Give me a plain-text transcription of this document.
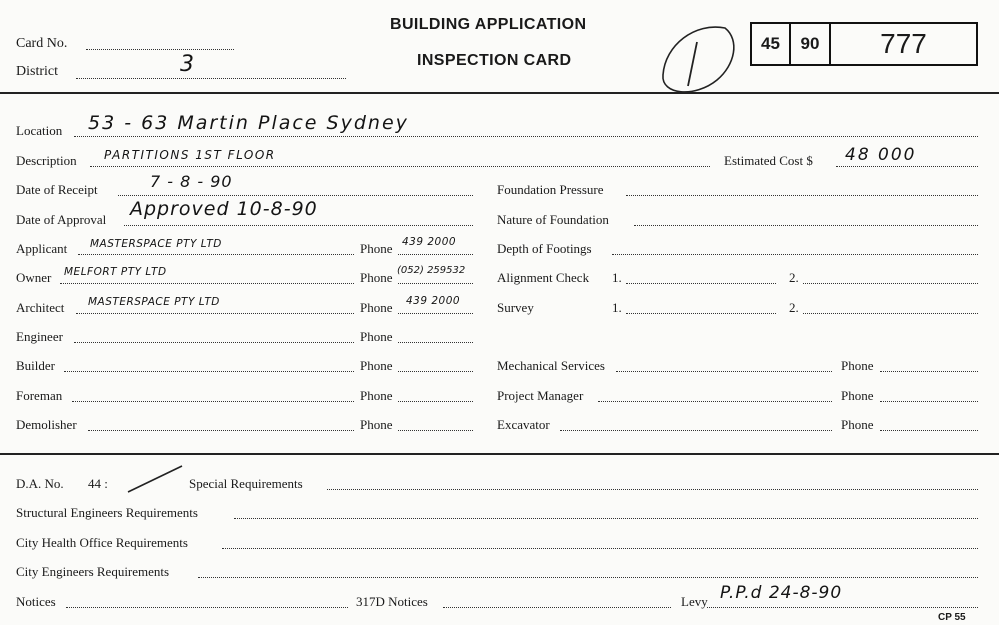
Card No.
District	3
BUILDING APPLICATION
INSPECTION CARD
45	90	777
Location 53 - 63 Martin Place Sydney
Description PARTITIONS 1ST FLOOR	Estimated Cost $ 48 000
Date of Receipt	7 - 8 - 90
Date of Approval Approved 10-8-90
Applicant MASTERSPACE PTY LTD	Phone 439 2000
Owner MELFORT PTY LTD	Phone (052) 259532
Architect MASTERSPACE PTY LTD	Phone 439 2000
Engineer	Phone
Builder	Phone
Foreman	Phone
Demolisher	Phone
Foundation Pressure
Nature of Foundation
Depth of Footings
Alignment Check 1.	2.
Survey	1.	2.
Mechanical Services	Phone
Project Manager	Phone
Excavator	Phone
D.A. No. 44 :	Special Requirements
Structural Engineers Requirements
City Health Office Requirements
City Engineers Requirements
Notices	317D Notices	Levy P.P.d 24-8-90
CP 55
